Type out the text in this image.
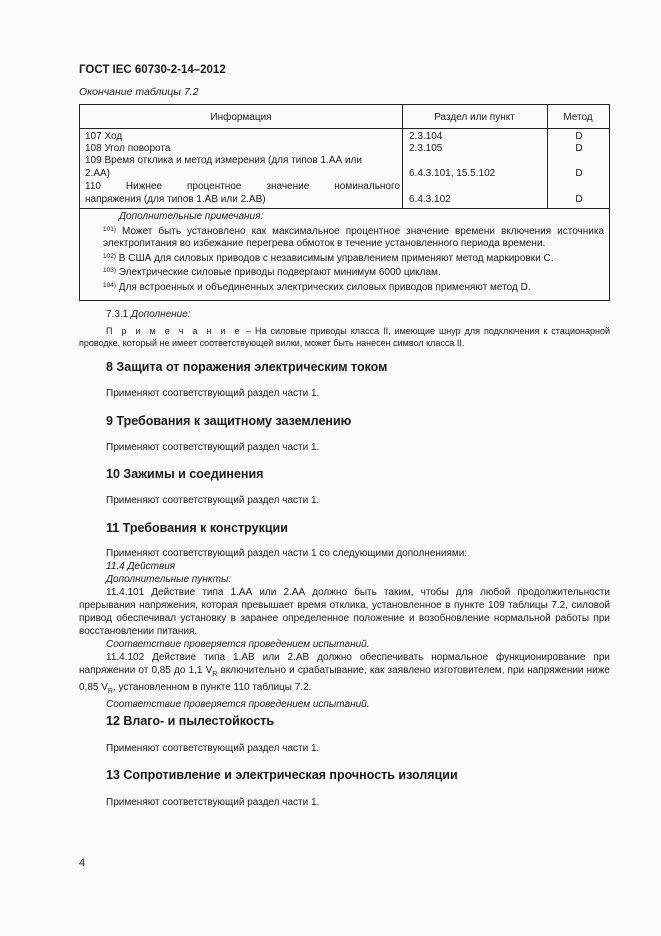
ГОСТ IEC 60730-2-14–2012
Окончание таблицы 7.2
Информация	Раздел или пункт	Метод
107 Ход	2.3.104	D
108 Угол поворота	2.3.105	D
109 Время отклика и метод измерения (для типов 1.АА или
2.АА)	6.4.3.101, 15.5.102	D
110 Нижнее процентное значение номинального
напряжения (для типов 1.АВ или 2.АВ)	6.4.3.102	D
Дополнительные примечания:
$^{101)}$ Может быть установлено как максимальное процентное значение времени включения источника электропитания во избежание перегрева обмоток в течение установленного периода времени.
$^{102)}$ В США для силовых приводов с независимым управлением применяют метод маркировки С.
$^{103)}$ Электрические силовые приводы подвергают минимум 6000 циклам.
$^{104)}$ Для встроенных и объединенных электрических силовых приводов применяют метод D.
7.3.1 Дополнение:
П р и м е ч а н и е – На силовые приводы класса II, имеющие шнур для подключения к стационарной проводке, который не имеет соответствующей вилки, может быть нанесен символ класса II.
8 Защита от поражения электрическим током
Применяют соответствующий раздел части 1.
9 Требования к защитному заземлению
Применяют соответствующий раздел части 1.
10 Зажимы и соединения
Применяют соответствующий раздел части 1.
11 Требования к конструкции
Применяют соответствующий раздел части 1 со следующими дополнениями:
11.4 Действия
Дополнительные пункты:
11.4.101 Действие типа 1.АА или 2.АА должно быть таким, чтобы для любой продолжительности прерывания напряжения, которая превышает время отклика, установленное в пункте 109 таблицы 7.2, силовой привод обеспечивал установку в заранее определенное положение и возобновление нормальной работы при восстановлении питания.
Соответствие проверяется проведением испытаний.
11.4.102 Действие типа 1.АВ или 2.АВ должно обеспечивать нормальное функционирование при напряжении от 0,85 до 1,1 $V_R$ включительно и срабатывание, как заявлено изготовителем, при напряжении ниже 0,85 $V_R$, установленном в пункте 110 таблицы 7.2.
Соответствие проверяется проведением испытаний.
12 Влаго- и пылестойкость
Применяют соответствующий раздел части 1.
13 Сопротивление и электрическая прочность изоляции
Применяют соответствующий раздел части 1.
4
